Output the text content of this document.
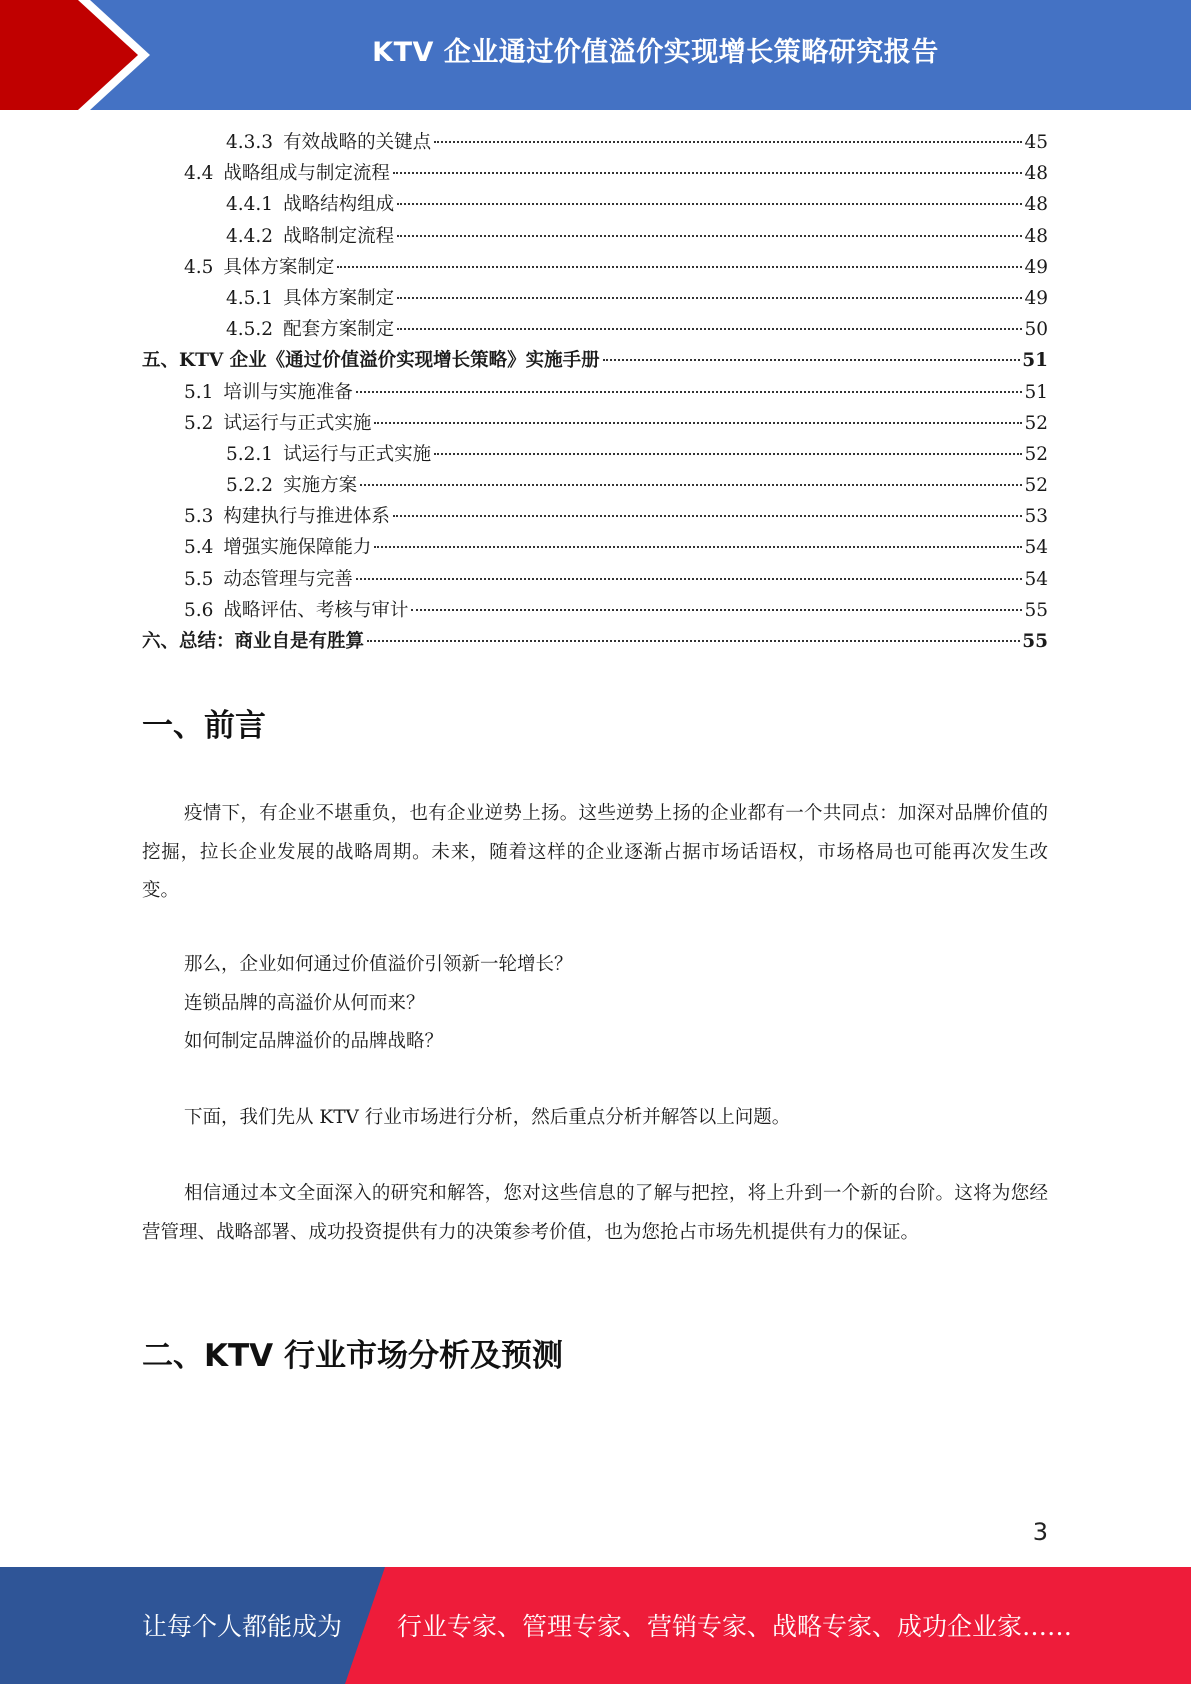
KTV 企业通过价值溢价实现增长策略研究报告
4.3.3 有效战略的关键点	45
4.4 战略组成与制定流程	48
4.4.1 战略结构组成	48
4.4.2 战略制定流程	48
4.5 具体方案制定	49
4.5.1 具体方案制定	49
4.5.2 配套方案制定	50
五、 KTV 企业《通过价值溢价实现增长策略》实施手册	51
5.1 培训与实施准备	51
5.2 试运行与正式实施	52
5.2.1 试运行与正式实施	52
5.2.2 实施方案	52
5.3 构建执行与推进体系	53
5.4 增强实施保障能力	54
5.5 动态管理与完善	54
5.6 战略评估、考核与审计	55
六、 总结：商业自是有胜算	55
一、前言

疫情下，有企业不堪重负，也有企业逆势上扬。这些逆势上扬的企业都有一个共同点：加深对品牌价值的挖掘，拉长企业发展的战略周期。未来，随着这样的企业逐渐占据市场话语权，市场格局也可能再次发生改变。

那么，企业如何通过价值溢价引领新一轮增长？

连锁品牌的高溢价从何而来？

如何制定品牌溢价的品牌战略？

下面，我们先从 KTV 行业市场进行分析，然后重点分析并解答以上问题。

相信通过本文全面深入的研究和解答，您对这些信息的了解与把控，将上升到一个新的台阶。这将为您经营管理、战略部署、成功投资提供有力的决策参考价值，也为您抢占市场先机提供有力的保证。

二、KTV 行业市场分析及预测
3
让每个人都能成为 行业专家、管理专家、营销专家、战略专家、成功企业家……
